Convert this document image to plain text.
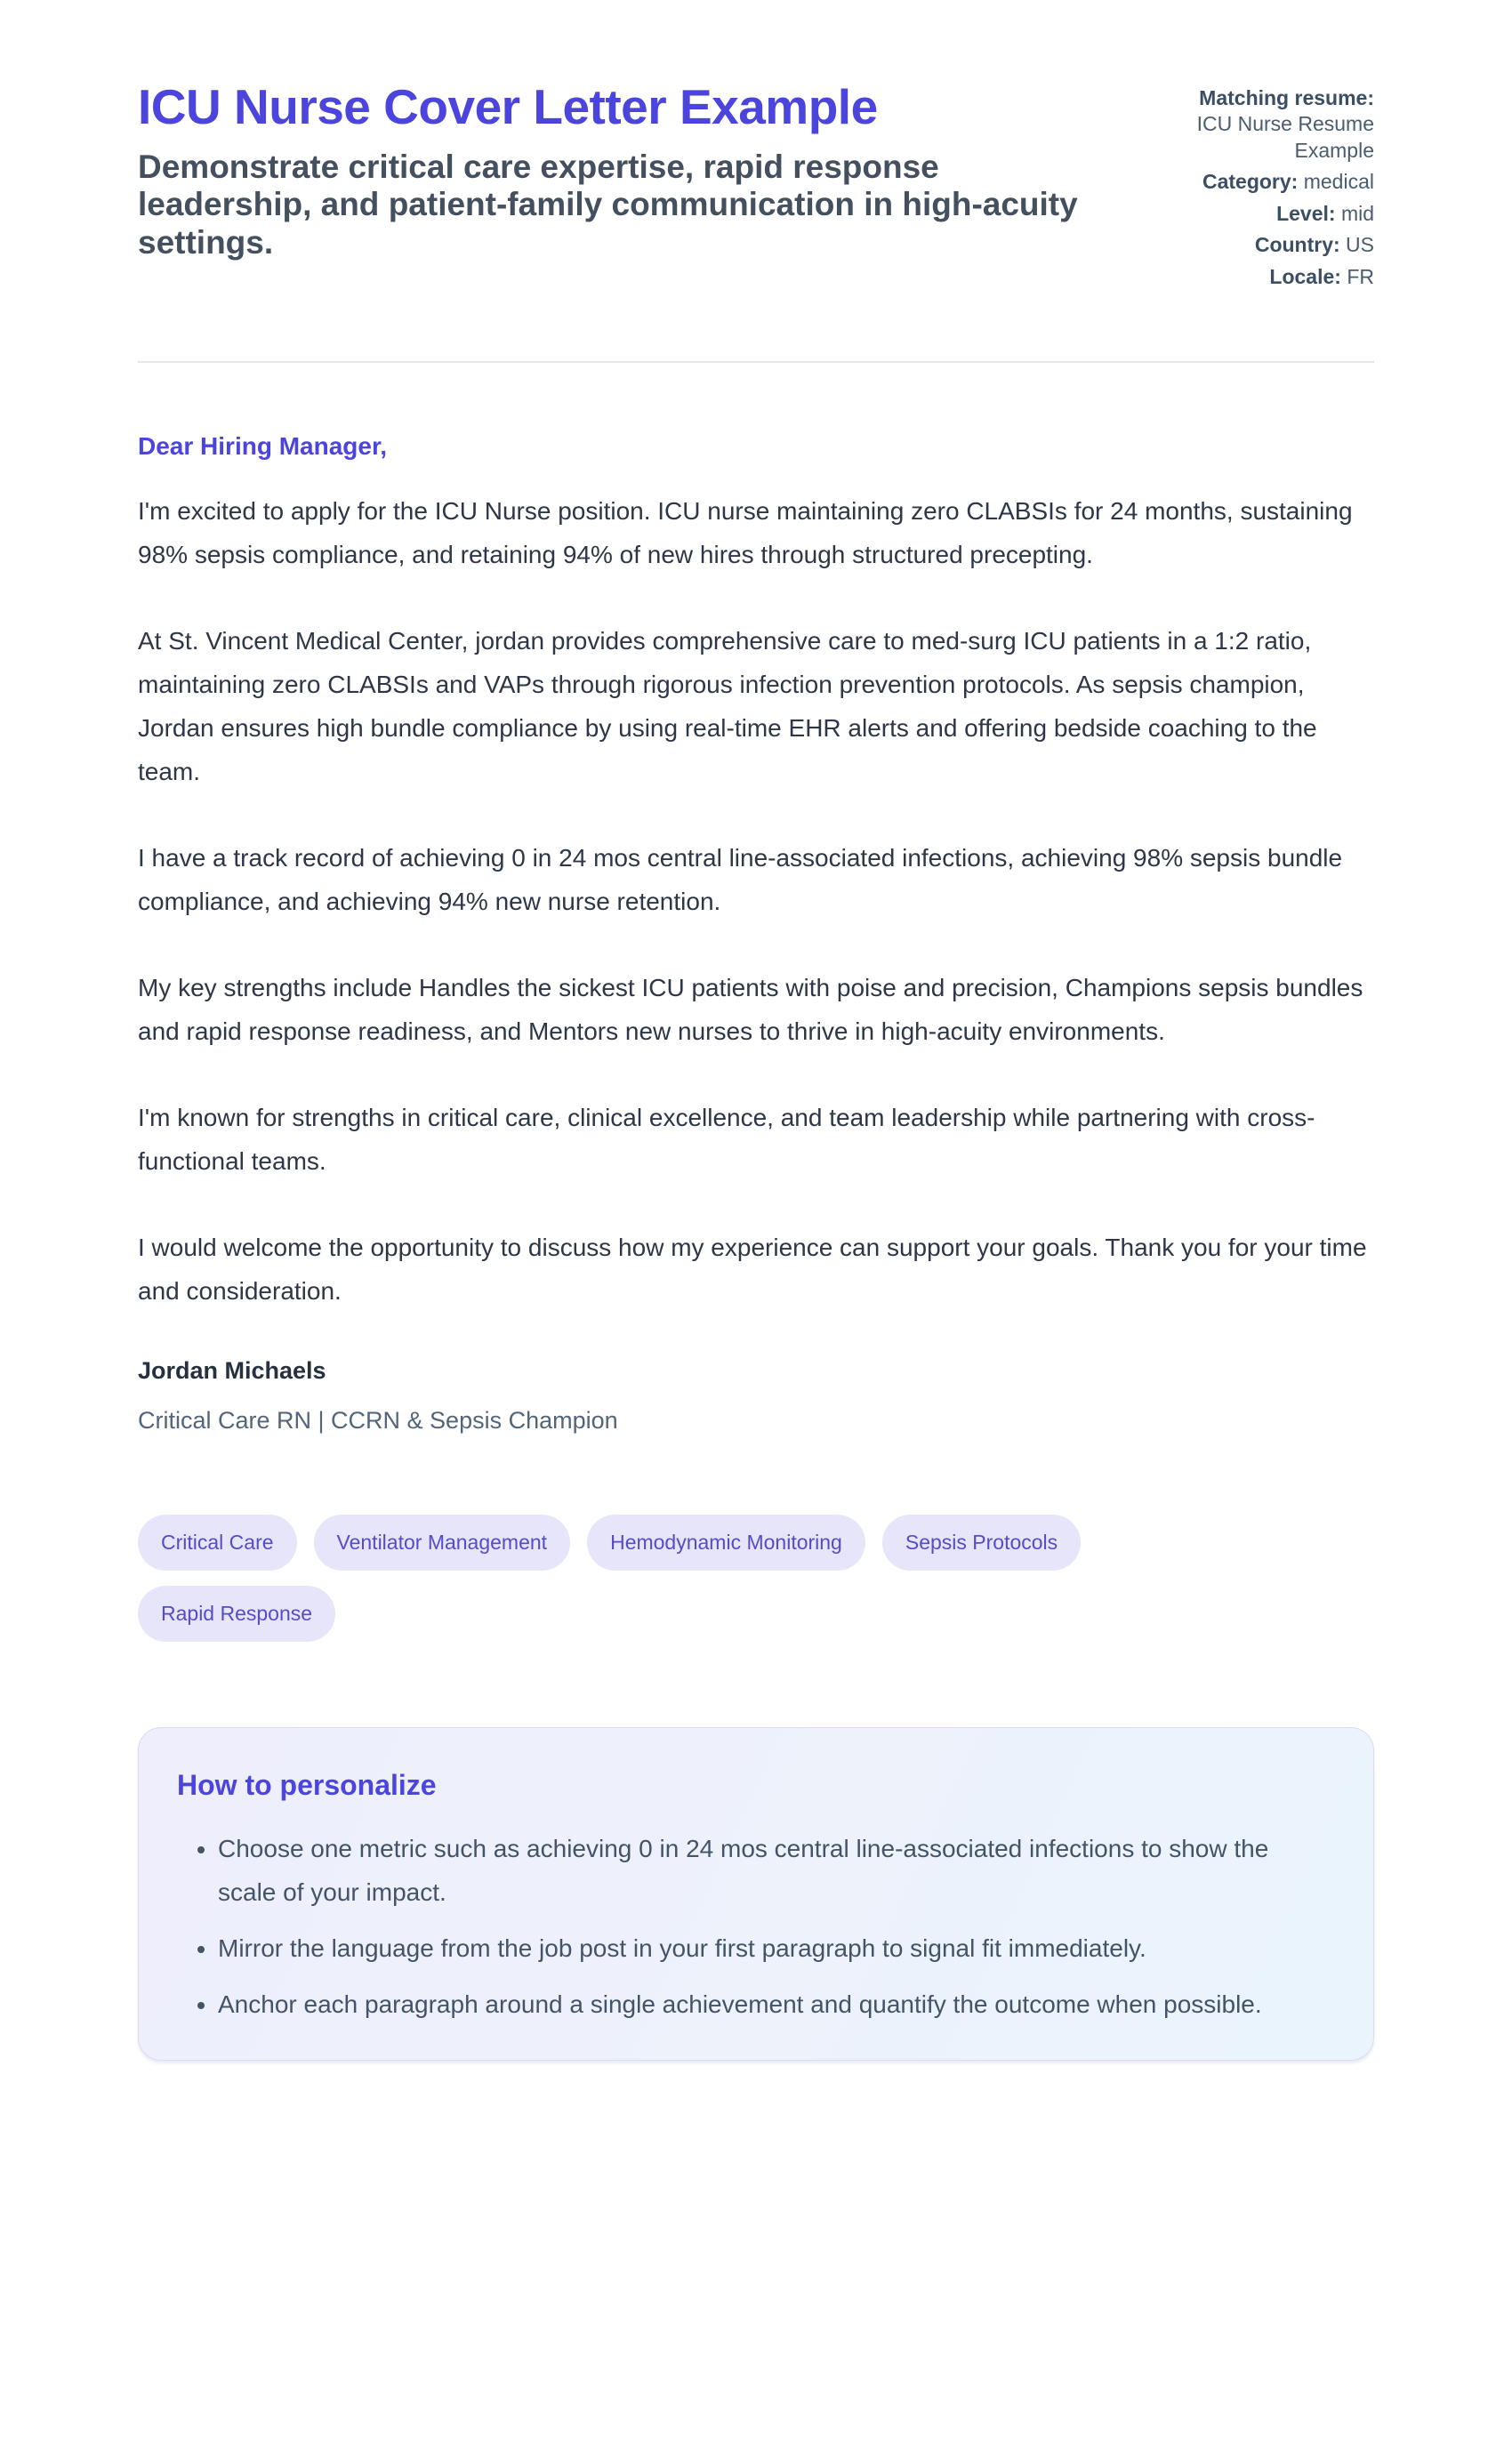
ICU Nurse Cover Letter Example

Demonstrate critical care expertise, rapid response leadership, and patient-family communication in high-acuity settings.

Matching resume:
ICU Nurse Resume Example
Category: medical
Level: mid
Country: US
Locale: FR

Dear Hiring Manager,

I'm excited to apply for the ICU Nurse position. ICU nurse maintaining zero CLABSIs for 24 months, sustaining 98% sepsis compliance, and retaining 94% of new hires through structured precepting.

At St. Vincent Medical Center, jordan provides comprehensive care to med-surg ICU patients in a 1:2 ratio, maintaining zero CLABSIs and VAPs through rigorous infection prevention protocols. As sepsis champion, Jordan ensures high bundle compliance by using real-time EHR alerts and offering bedside coaching to the team.

I have a track record of achieving 0 in 24 mos central line-associated infections, achieving 98% sepsis bundle compliance, and achieving 94% new nurse retention.

My key strengths include Handles the sickest ICU patients with poise and precision, Champions sepsis bundles and rapid response readiness, and Mentors new nurses to thrive in high-acuity environments.

I'm known for strengths in critical care, clinical excellence, and team leadership while partnering with cross-functional teams.

I would welcome the opportunity to discuss how my experience can support your goals. Thank you for your time and consideration.

Jordan Michaels

Critical Care RN | CCRN & Sepsis Champion

Critical Care	Ventilator Management	Hemodynamic Monitoring	Sepsis Protocols
Rapid Response
How to personalize
• Choose one metric such as achieving 0 in 24 mos central line-associated infections to show the scale of your impact.
• Mirror the language from the job post in your first paragraph to signal fit immediately.
• Anchor each paragraph around a single achievement and quantify the outcome when possible.
